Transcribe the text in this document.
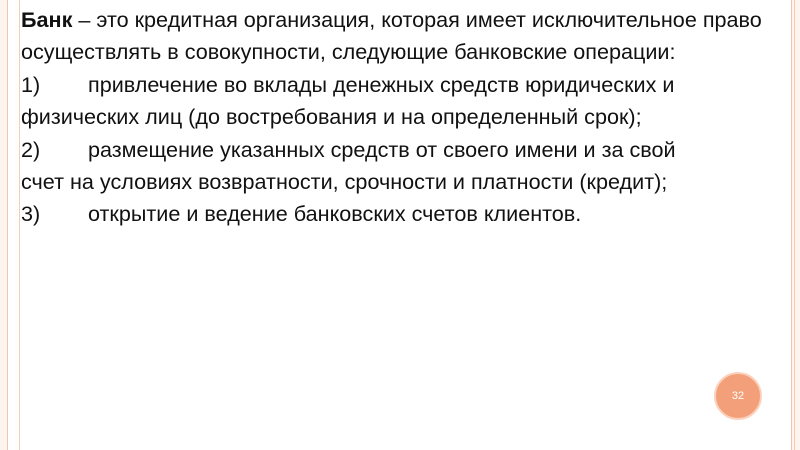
Банк – это кредитная организация, которая имеет исключительное право осуществлять в совокупности, следующие банковские операции:

1)	привлечение во вклады денежных средств юридических и
физических лиц (до востребования и на определенный срок);
2)	размещение указанных средств от своего имени и за свой
счет на условиях возвратности, срочности и платности (кредит);
3)	открытие и ведение банковских счетов клиентов.
32
